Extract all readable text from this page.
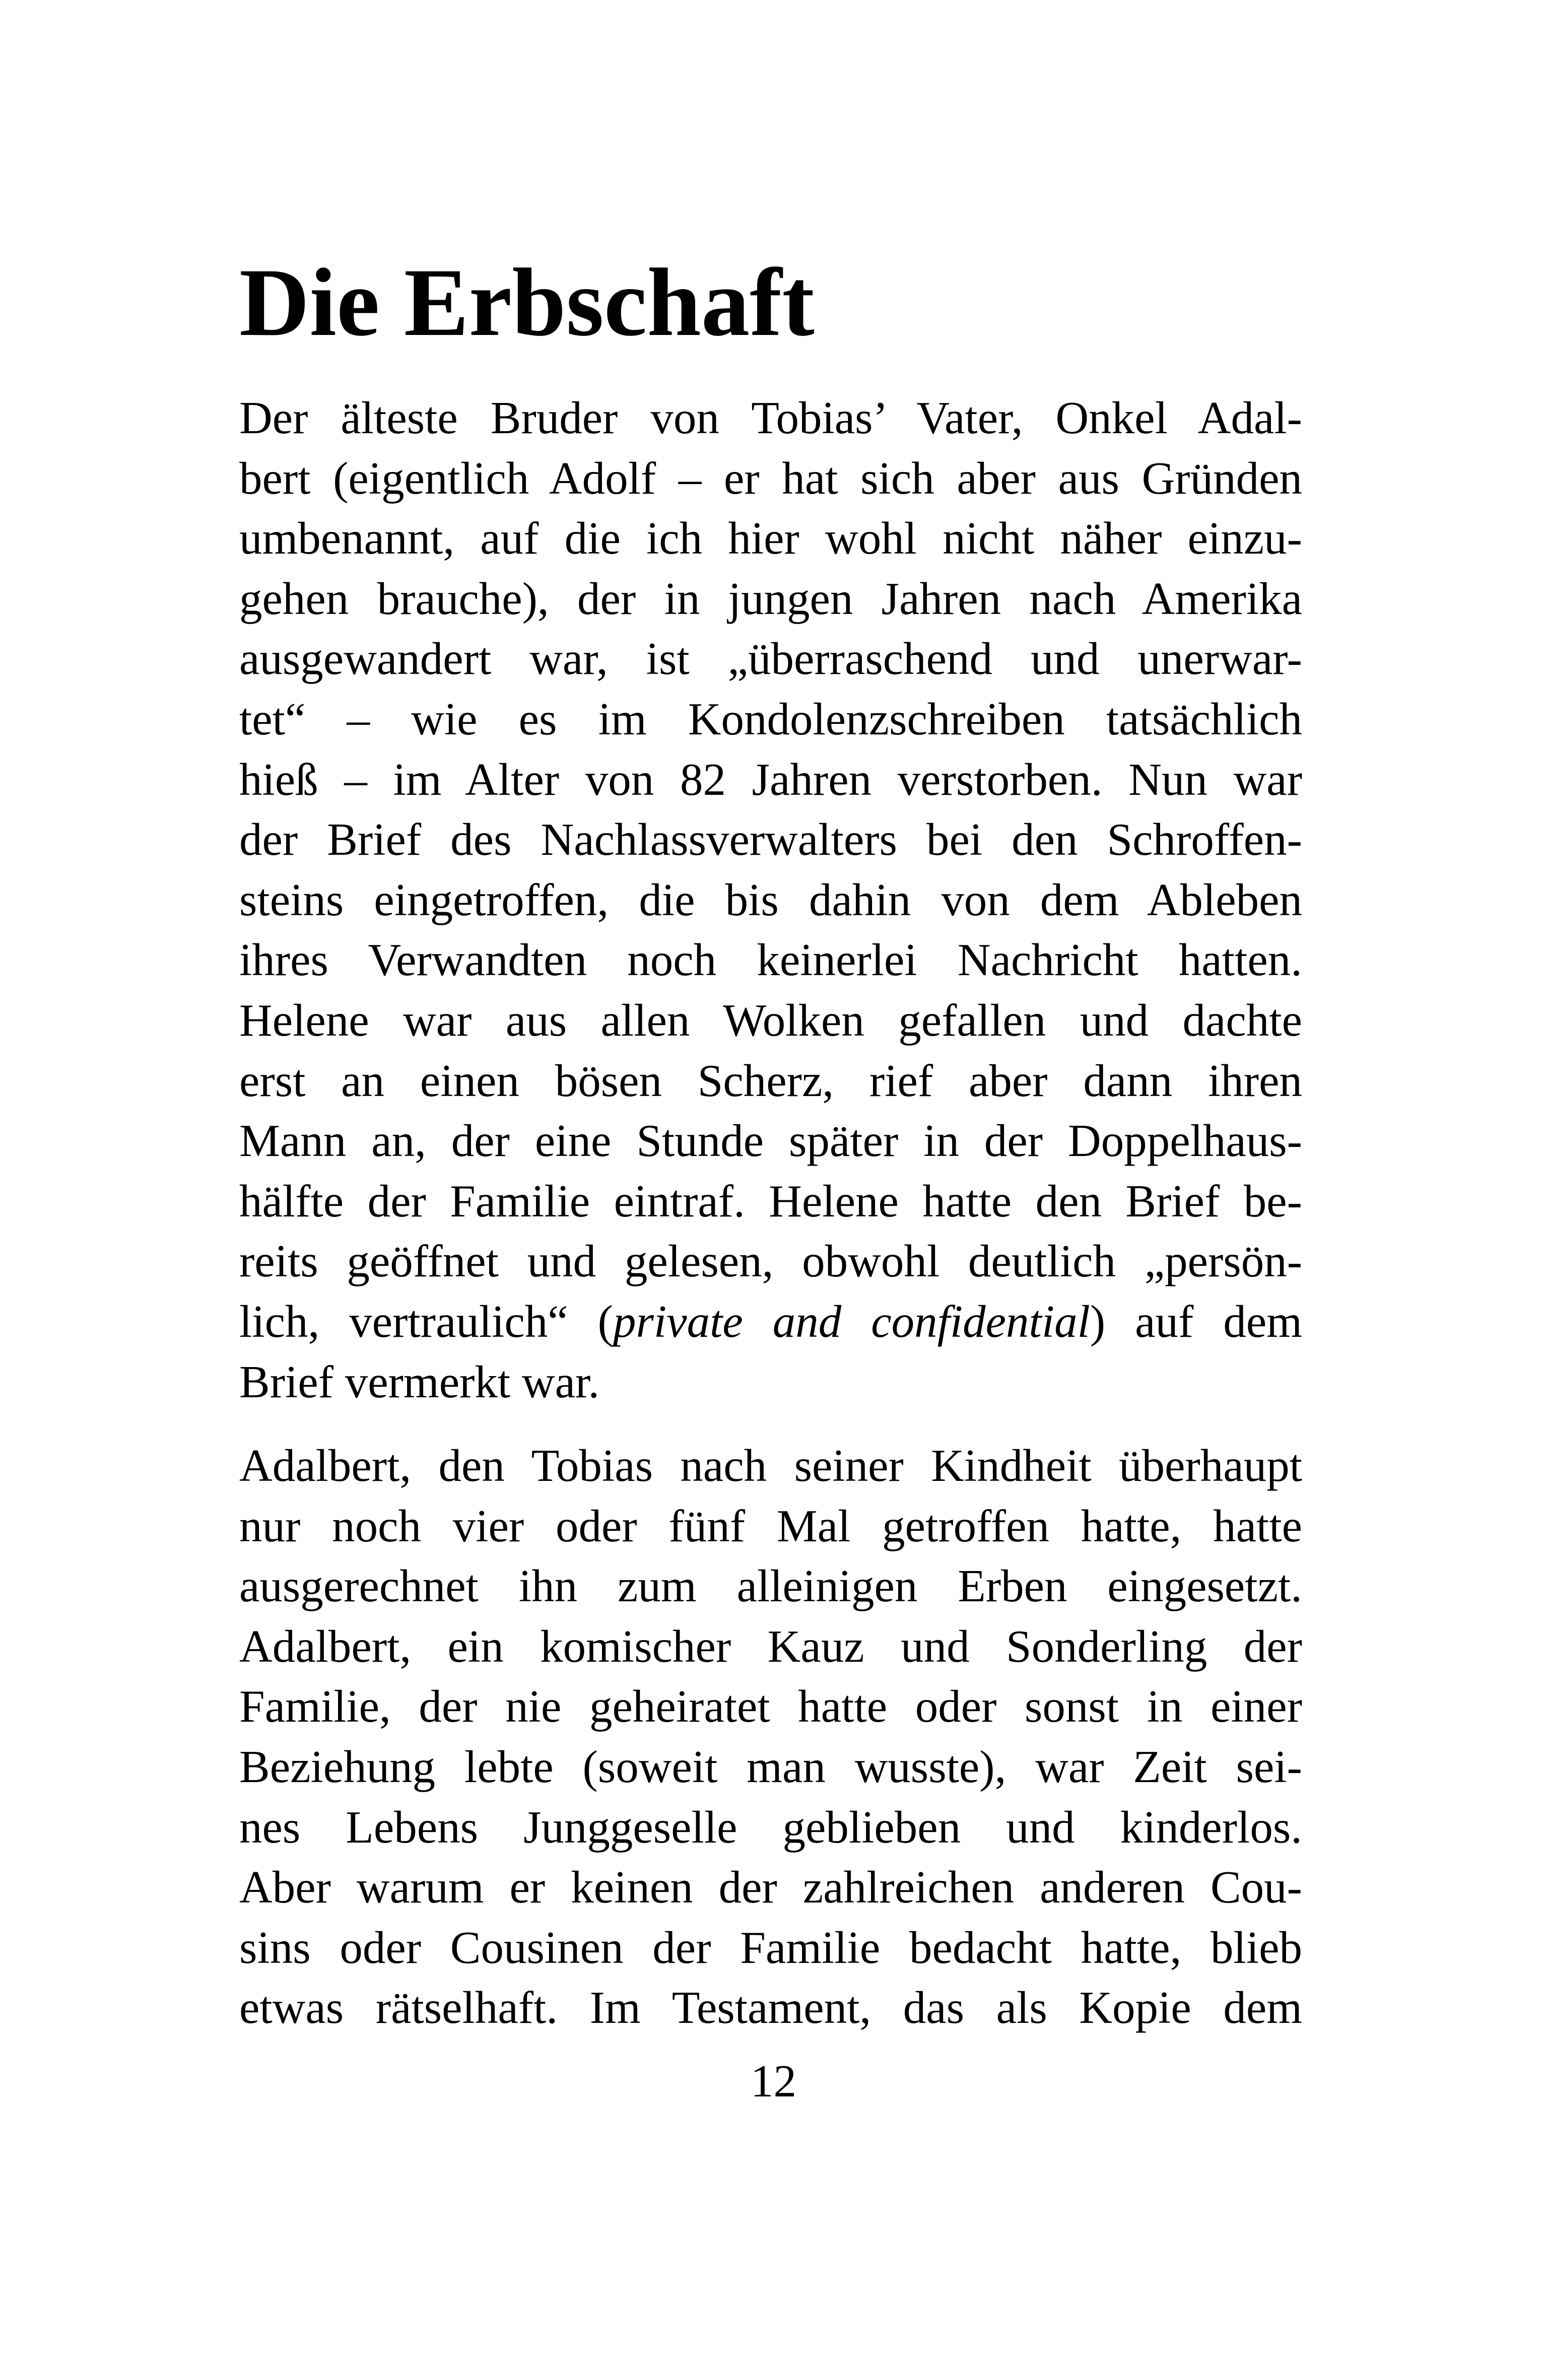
Die Erbschaft
Der älteste Bruder von Tobias’ Vater, Onkel Adal-
bert (eigentlich Adolf – er hat sich aber aus Gründen
umbenannt, auf die ich hier wohl nicht näher einzu-
gehen brauche), der in jungen Jahren nach Amerika
ausgewandert war, ist „überraschend und unerwar-
tet“ – wie es im Kondolenzschreiben tatsächlich
hieß – im Alter von 82 Jahren verstorben. Nun war
der Brief des Nachlassverwalters bei den Schroffen-
steins eingetroffen, die bis dahin von dem Ableben
ihres Verwandten noch keinerlei Nachricht hatten.
Helene war aus allen Wolken gefallen und dachte
erst an einen bösen Scherz, rief aber dann ihren
Mann an, der eine Stunde später in der Doppelhaus-
hälfte der Familie eintraf. Helene hatte den Brief be-
reits geöffnet und gelesen, obwohl deutlich „persön-
lich, vertraulich“ (private and confidential) auf dem
Brief vermerkt war.
Adalbert, den Tobias nach seiner Kindheit überhaupt
nur noch vier oder fünf Mal getroffen hatte, hatte
ausgerechnet ihn zum alleinigen Erben eingesetzt.
Adalbert, ein komischer Kauz und Sonderling der
Familie, der nie geheiratet hatte oder sonst in einer
Beziehung lebte (soweit man wusste), war Zeit sei-
nes Lebens Junggeselle geblieben und kinderlos.
Aber warum er keinen der zahlreichen anderen Cou-
sins oder Cousinen der Familie bedacht hatte, blieb
etwas rätselhaft. Im Testament, das als Kopie dem
12
